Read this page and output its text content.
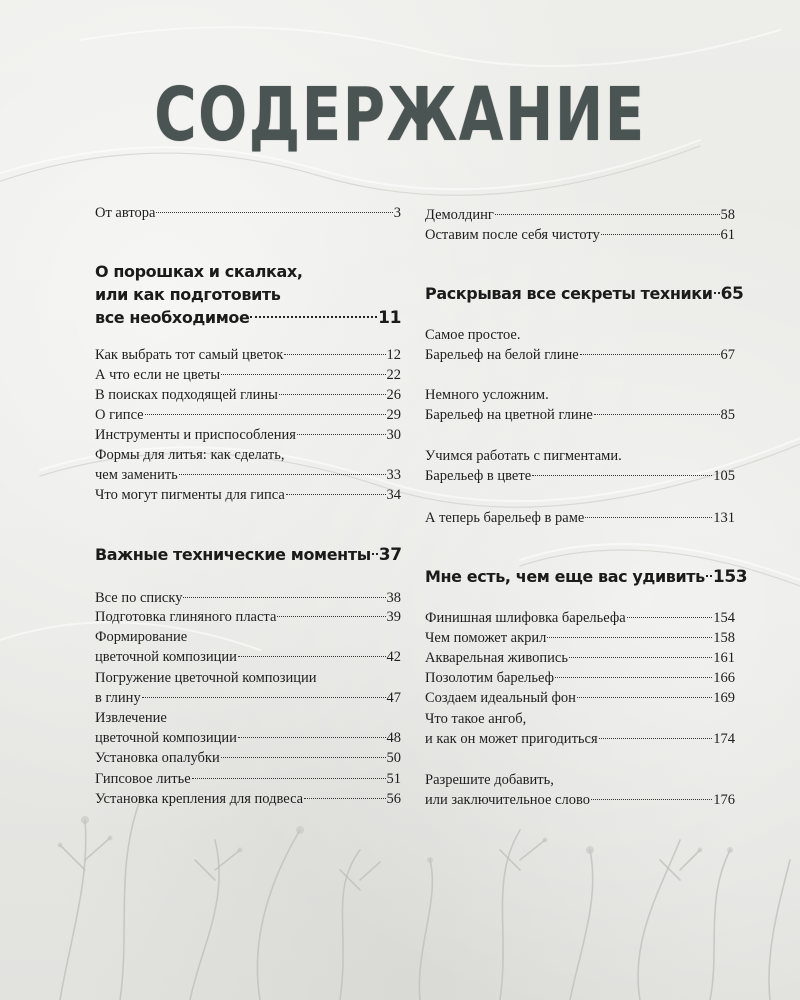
СОДЕРЖАНИЕ
От автора	3
О порошках и скалках,
или как подготовить
все необходимое	11
Как выбрать тот самый цветок	12
А что если не цветы	22
В поисках подходящей глины	26
О гипсе	29
Инструменты и приспособления	30
Формы для литья: как сделать,
чем заменить	33
Что могут пигменты для гипса	34
Важные технические моменты 37
Все по списку	38
Подготовка глиняного пласта	39
Формирование
цветочной композиции	42
Погружение цветочной композиции
в глину	47
Извлечение
цветочной композиции	48
Установка опалубки	50
Гипсовое литье	51
Установка крепления для подвеса	56
Демолдинг	58
Оставим после себя чистоту	61
Раскрывая все секреты техники 65
Самое простое.
Барельеф на белой глине	67
Немного усложним.
Барельеф на цветной глине	85
Учимся работать с пигментами.
Барельеф в цвете	105
А теперь барельеф в раме	131
Мне есть, чем еще вас удивить 153
Финишная шлифовка барельефа	154
Чем поможет акрил	158
Акварельная живопись	161
Позолотим барельеф	166
Создаем идеальный фон	169
Что такое ангоб,
и как он может пригодиться	174
Разрешите добавить,
или заключительное слово	176
